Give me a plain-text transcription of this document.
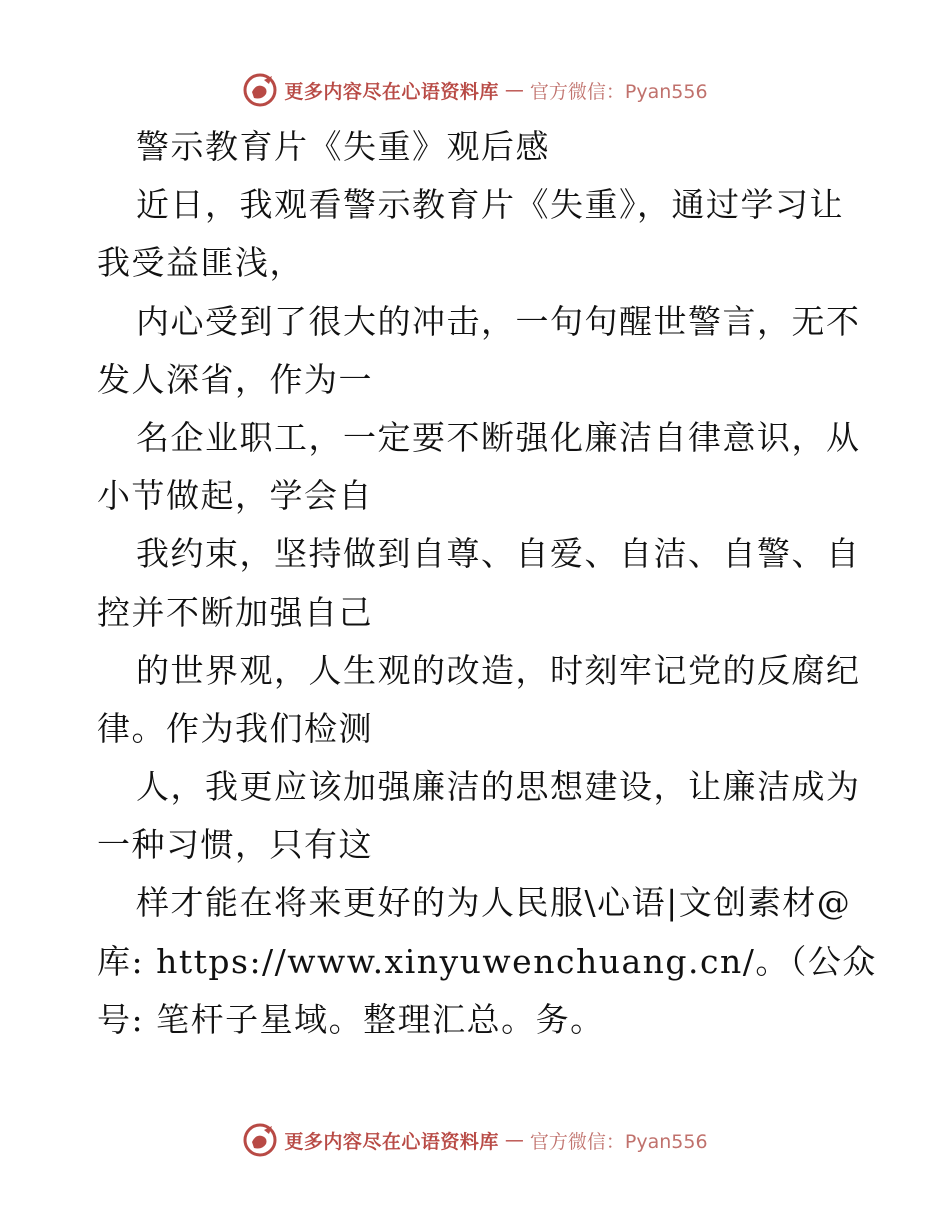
更多内容尽在心语资料库 — 官方微信：Pyan556
警示教育片《失重》观后感
近日，我观看警示教育片《失重》，通过学习让
我受益匪浅，
内心受到了很大的冲击，一句句醒世警言，无不
发人深省，作为一
名企业职工，一定要不断强化廉洁自律意识，从
小节做起，学会自
我约束，坚持做到自尊、自爱、自洁、自警、自
控并不断加强自己
的世界观，人生观的改造，时刻牢记党的反腐纪
律。作为我们检测
人，我更应该加强廉洁的思想建设，让廉洁成为
一种习惯，只有这
样才能在将来更好的为人民服\心语|文创素材@
库: https://www.xinyuwenchuang.cn/。（公众
号: 笔杆子星域。整理汇总。务。
更多内容尽在心语资料库 — 官方微信：Pyan556
